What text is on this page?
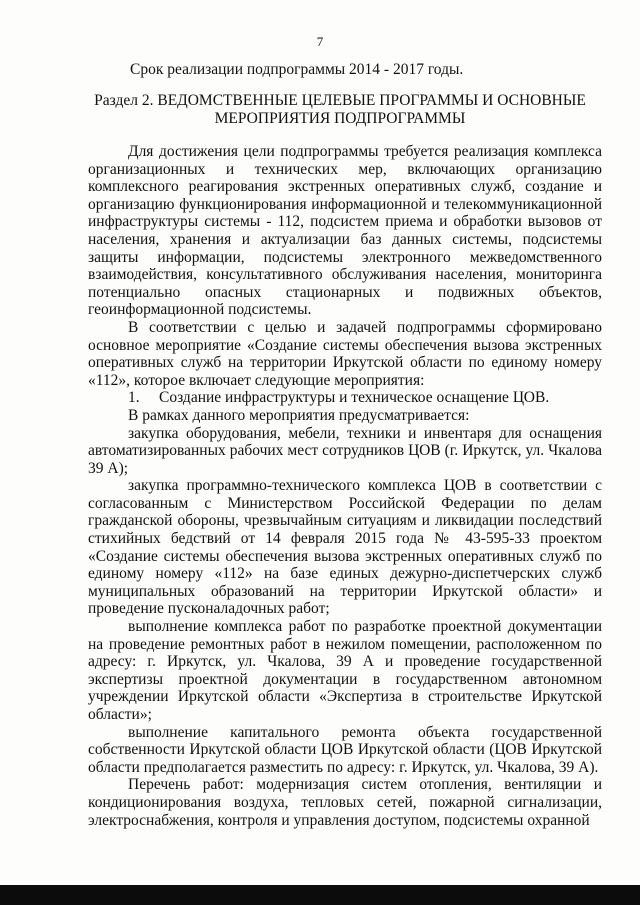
7
Срок реализации подпрограммы 2014 - 2017 годы.
Раздел 2. ВЕДОМСТВЕННЫЕ ЦЕЛЕВЫЕ ПРОГРАММЫ И ОСНОВНЫЕ МЕРОПРИЯТИЯ ПОДПРОГРАММЫ

Для достижения цели подпрограммы требуется реализация комплекса организационных и технических мер, включающих организацию комплексного реагирования экстренных оперативных служб, создание и организацию функционирования информационной и телекоммуникационной инфраструктуры системы - 112, подсистем приема и обработки вызовов от населения, хранения и актуализации баз данных системы, подсистемы защиты информации, подсистемы электронного межведомственного взаимодействия, консультативного обслуживания населения, мониторинга потенциально опасных стационарных и подвижных объектов, геоинформационной подсистемы.

В соответствии с целью и задачей подпрограммы сформировано основное мероприятие «Создание системы обеспечения вызова экстренных оперативных служб на территории Иркутской области по единому номеру «112», которое включает следующие мероприятия:

1.     Создание инфраструктуры и техническое оснащение ЦОВ.

В рамках данного мероприятия предусматривается:

закупка оборудования, мебели, техники и инвентаря для оснащения автоматизированных рабочих мест сотрудников ЦОВ (г. Иркутск, ул. Чкалова 39 А);

закупка программно-технического комплекса ЦОВ в соответствии с согласованным с Министерством Российской Федерации по делам гражданской обороны, чрезвычайным ситуациям и ликвидации последствий стихийных бедствий от 14 февраля 2015 года № 43-595-33 проектом «Создание системы обеспечения вызова экстренных оперативных служб по единому номеру «112» на базе единых дежурно-диспетчерских служб муниципальных образований на территории Иркутской области» и проведение пусконаладочных работ;

выполнение комплекса работ по разработке проектной документации на проведение ремонтных работ в нежилом помещении, расположенном по адресу: г. Иркутск, ул. Чкалова, 39 А и проведение государственной экспертизы проектной документации в государственном автономном учреждении Иркутской области «Экспертиза в строительстве Иркутской области»;

выполнение капитального ремонта объекта государственной собственности Иркутской области ЦОВ Иркутской области (ЦОВ Иркутской области предполагается разместить по адресу: г. Иркутск, ул. Чкалова, 39 А).

Перечень работ: модернизация систем отопления, вентиляции и кондиционирования воздуха, тепловых сетей, пожарной сигнализации, электроснабжения, контроля и управления доступом, подсистемы охранной
